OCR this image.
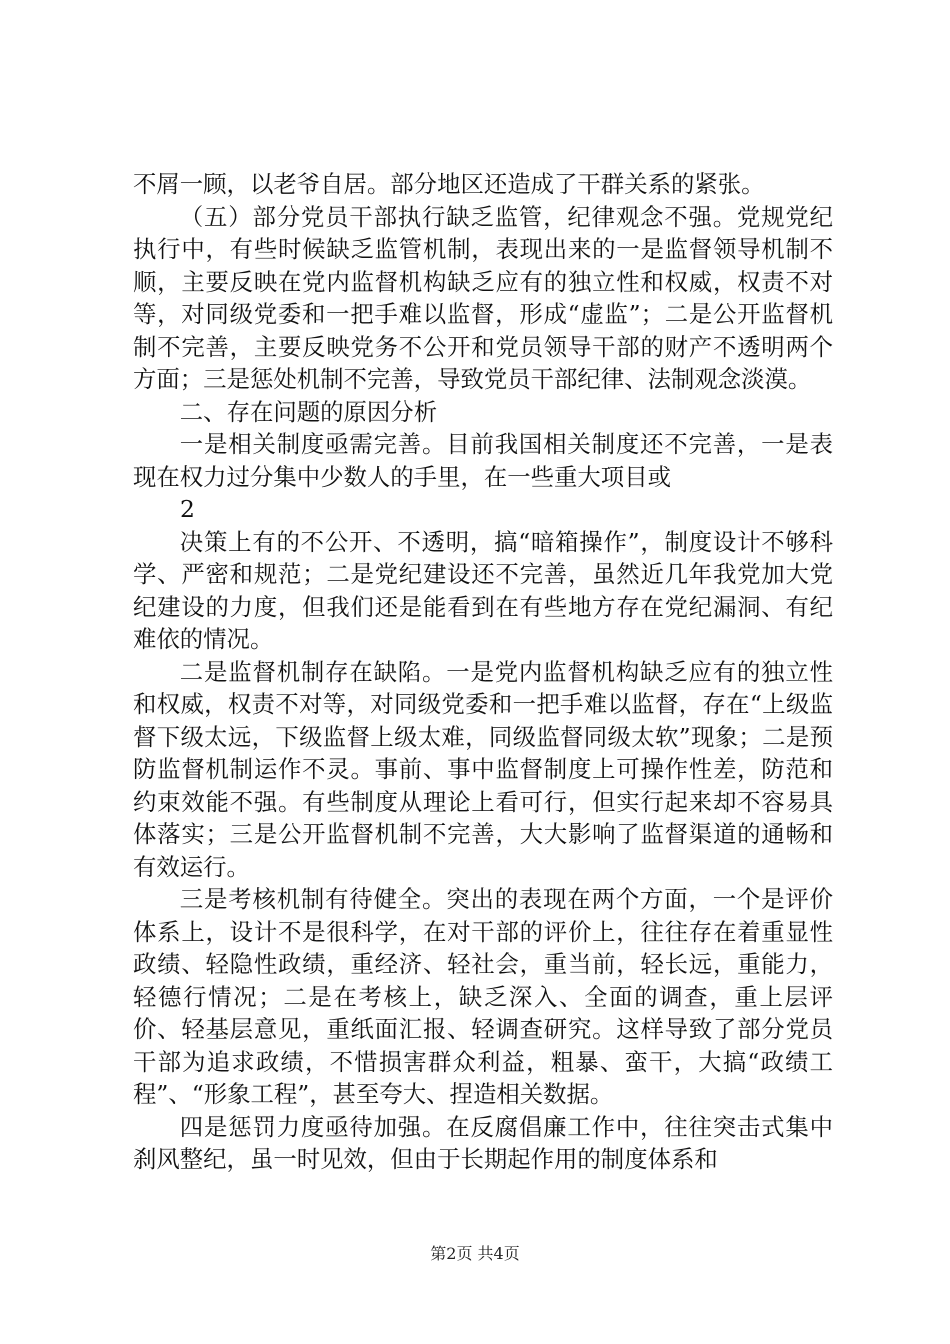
不屑一顾，以老爷自居。部分地区还造成了干群关系的紧张。
（五）部分党员干部执行缺乏监管，纪律观念不强。党规党纪执行中，有些时候缺乏监管机制，表现出来的一是监督领导机制不顺，主要反映在党内监督机构缺乏应有的独立性和权威，权责不对等，对同级党委和一把手难以监督，形成“虚监”；二是公开监督机制不完善，主要反映党务不公开和党员领导干部的财产不透明两个方面；三是惩处机制不完善，导致党员干部纪律、法制观念淡漠。
二、存在问题的原因分析
一是相关制度亟需完善。目前我国相关制度还不完善，一是表现在权力过分集中少数人的手里，在一些重大项目或
2
决策上有的不公开、不透明，搞“暗箱操作”，制度设计不够科学、严密和规范；二是党纪建设还不完善，虽然近几年我党加大党纪建设的力度，但我们还是能看到在有些地方存在党纪漏洞、有纪难依的情况。
二是监督机制存在缺陷。一是党内监督机构缺乏应有的独立性和权威，权责不对等，对同级党委和一把手难以监督，存在“上级监督下级太远，下级监督上级太难，同级监督同级太软”现象；二是预防监督机制运作不灵。事前、事中监督制度上可操作性差，防范和约束效能不强。有些制度从理论上看可行，但实行起来却不容易具体落实；三是公开监督机制不完善，大大影响了监督渠道的通畅和有效运行。
三是考核机制有待健全。突出的表现在两个方面，一个是评价体系上，设计不是很科学，在对干部的评价上，往往存在着重显性政绩、轻隐性政绩，重经济、轻社会，重当前，轻长远，重能力，轻德行情况；二是在考核上，缺乏深入、全面的调查，重上层评价、轻基层意见，重纸面汇报、轻调查研究。这样导致了部分党员干部为追求政绩，不惜损害群众利益，粗暴、蛮干，大搞“政绩工程”、“形象工程”，甚至夸大、捏造相关数据。
四是惩罚力度亟待加强。在反腐倡廉工作中，往往突击式集中刹风整纪，虽一时见效，但由于长期起作用的制度体系和
第2页 共4页
